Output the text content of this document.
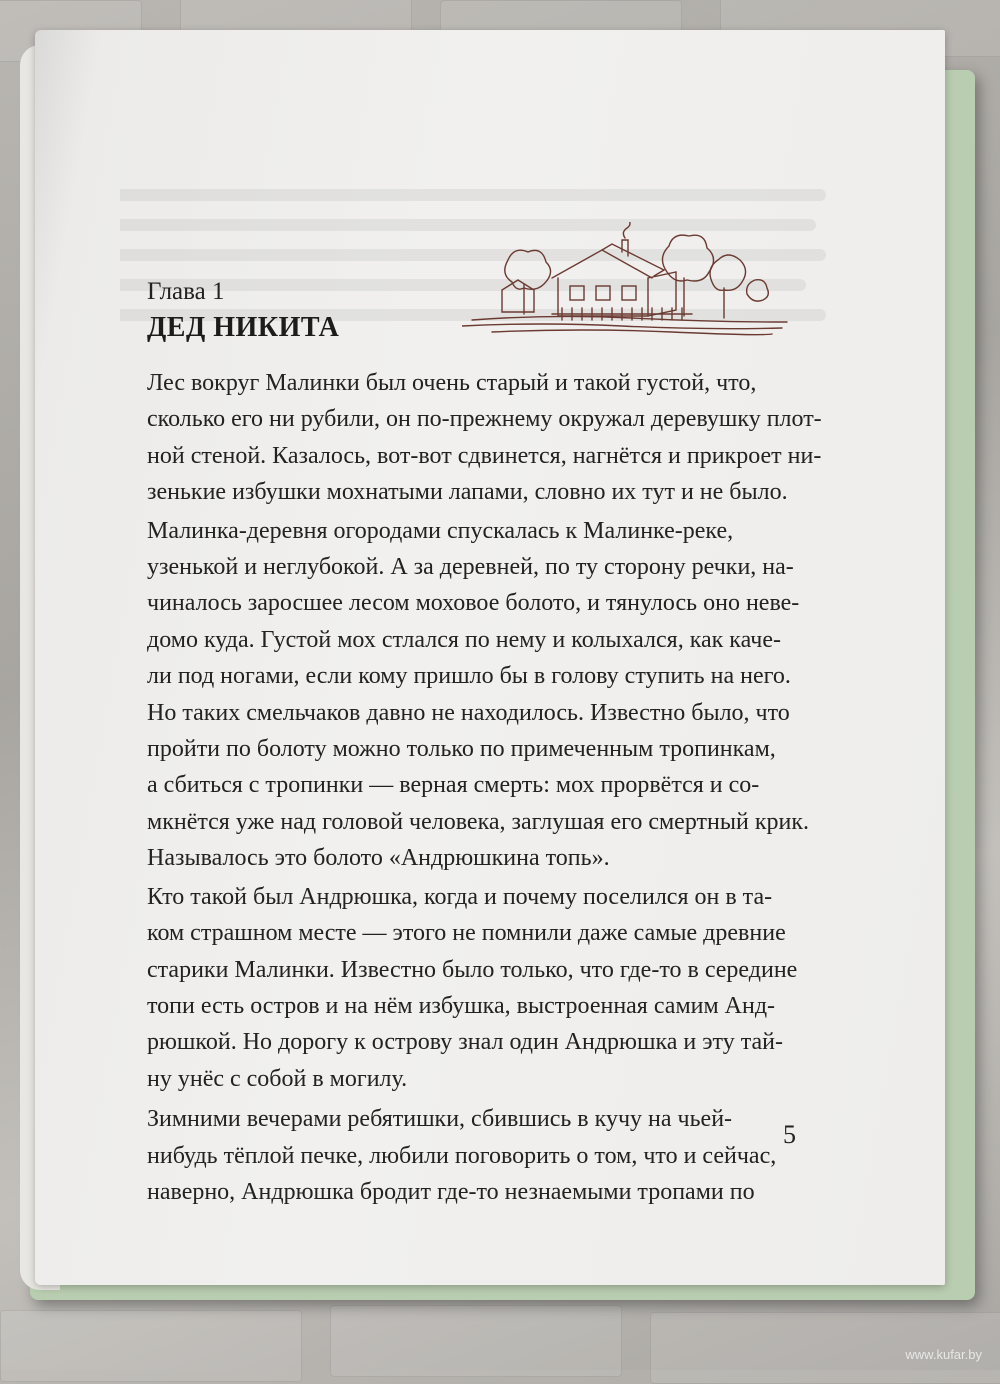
Глава 1
ДЕД НИКИТА
Лес вокруг Малинки был очень старый и такой густой, что,
сколько его ни рубили, он по-прежнему окружал деревушку плот-
ной стеной. Казалось, вот-вот сдвинется, нагнётся и прикроет ни-
зенькие избушки мохнатыми лапами, словно их тут и не было.
Малинка-деревня огородами спускалась к Малинке-реке,
узенькой и неглубокой. А за деревней, по ту сторону речки, на-
чиналось заросшее лесом моховое болото, и тянулось оно неве-
домо куда. Густой мох стлался по нему и колыхался, как каче-
ли под ногами, если кому пришло бы в голову ступить на него.
Но таких смельчаков давно не находилось. Известно было, что
пройти по болоту можно только по примеченным тропинкам,
а сбиться с тропинки — верная смерть: мох прорвётся и со-
мкнётся уже над головой человека, заглушая его смертный крик.
Называлось это болото «Андрюшкина топь».
Кто такой был Андрюшка, когда и почему поселился он в та-
ком страшном месте — этого не помнили даже самые древние
старики Малинки. Известно было только, что где-то в середине
топи есть остров и на нём избушка, выстроенная самим Анд-
рюшкой. Но дорогу к острову знал один Андрюшка и эту тай-
ну унёс с собой в могилу.
Зимними вечерами ребятишки, сбившись в кучу на чьей-
нибудь тёплой печке, любили поговорить о том, что и сейчас,
наверно, Андрюшка бродит где-то незнаемыми тропами по
5
www.kufar.by
